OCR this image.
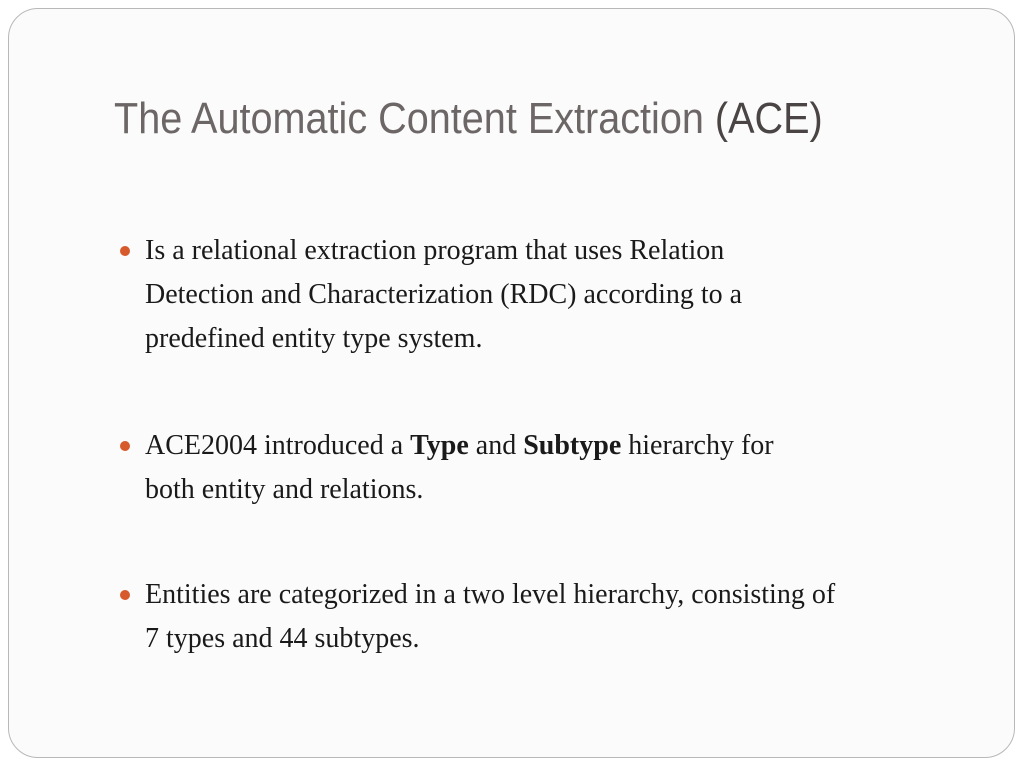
The Automatic Content Extraction (ACE)
Is a relational extraction program that uses Relation
Detection and Characterization (RDC) according to a
predefined entity type system.
ACE2004 introduced a Type and Subtype hierarchy for
both entity and relations.
Entities are categorized in a two level hierarchy, consisting of
7 types and 44 subtypes.
